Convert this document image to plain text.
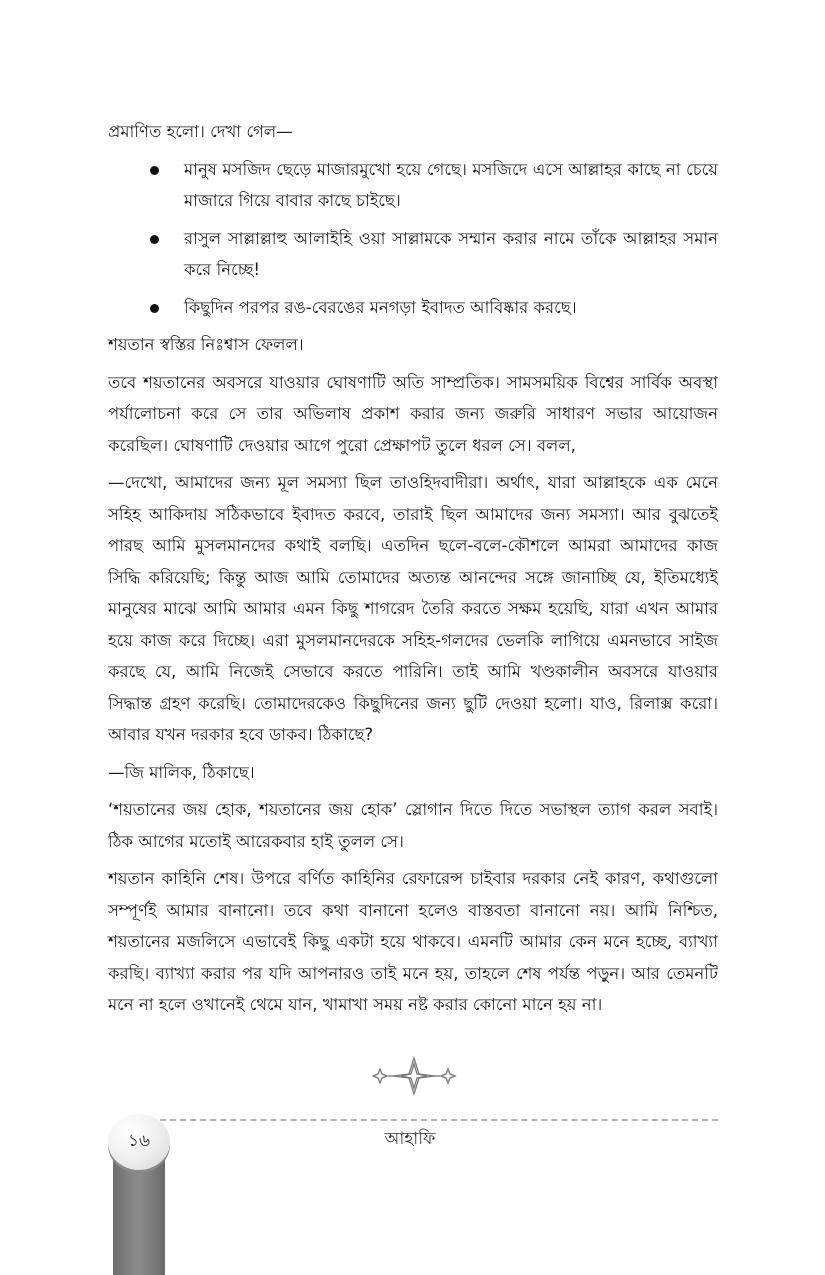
প্রমাণিত হলো। দেখা গেল—

মানুষ মসজিদ ছেড়ে মাজারমুখো হয়ে গেছে। মসজিদে এসে আল্লাহর কাছে না চেয়ে মাজারে গিয়ে বাবার কাছে চাইছে।
রাসুল সাল্লাল্লাহু আলাইহি ওয়া সাল্লামকে সম্মান করার নামে তাঁকে আল্লাহর সমান করে নিচ্ছে!
কিছুদিন পরপর রঙ-বেরঙের মনগড়া ইবাদত আবিষ্কার করছে।

শয়তান স্বস্তির নিঃশ্বাস ফেলল।

তবে শয়তানের অবসরে যাওয়ার ঘোষণাটি অতি সাম্প্রতিক। সামসময়িক বিশ্বের সার্বিক অবস্থা পর্যালোচনা করে সে তার অভিলাষ প্রকাশ করার জন্য জরুরি সাধারণ সভার আয়োজন করেছিল। ঘোষণাটি দেওয়ার আগে পুরো প্রেক্ষাপট তুলে ধরল সে। বলল,

—দেখো, আমাদের জন্য মূল সমস্যা ছিল তাওহিদবাদীরা। অর্থাৎ, যারা আল্লাহকে এক মেনে সহিহ আকিদায় সঠিকভাবে ইবাদত করবে, তারাই ছিল আমাদের জন্য সমস্যা। আর বুঝতেই পারছ আমি মুসলমানদের কথাই বলছি। এতদিন ছলে-বলে-কৌশলে আমরা আমাদের কাজ সিদ্ধি করিয়েছি; কিন্তু আজ আমি তোমাদের অত্যন্ত আনন্দের সঙ্গে জানাচ্ছি যে, ইতিমধ্যেই মানুষের মাঝে আমি আমার এমন কিছু শাগরেদ তৈরি করতে সক্ষম হয়েছি, যারা এখন আমার হয়ে কাজ করে দিচ্ছে। এরা মুসলমানদেরকে সহিহ-গলদের ভেলকি লাগিয়ে এমনভাবে সাইজ করছে যে, আমি নিজেই সেভাবে করতে পারিনি। তাই আমি খণ্ডকালীন অবসরে যাওয়ার সিদ্ধান্ত গ্রহণ করেছি। তোমাদেরকেও কিছুদিনের জন্য ছুটি দেওয়া হলো। যাও, রিলাক্স করো। আবার যখন দরকার হবে ডাকব। ঠিকাছে?

—জি মালিক, ঠিকাছে।

‘শয়তানের জয় হোক, শয়তানের জয় হোক’ স্লোগান দিতে দিতে সভাস্থল ত্যাগ করল সবাই। ঠিক আগের মতোই আরেকবার হাই তুলল সে।

শয়তান কাহিনি শেষ। উপরে বর্ণিত কাহিনির রেফারেন্স চাইবার দরকার নেই কারণ, কথাগুলো সম্পূর্ণই আমার বানানো। তবে কথা বানানো হলেও বাস্তবতা বানানো নয়। আমি নিশ্চিত, শয়তানের মজলিসে এভাবেই কিছু একটা হয়ে থাকবে। এমনটি আমার কেন মনে হচ্ছে, ব্যাখ্যা করছি। ব্যাখ্যা করার পর যদি আপনারও তাই মনে হয়, তাহলে শেষ পর্যন্ত পড়ুন। আর তেমনটি মনে না হলে ওখানেই থেমে যান, খামাখা সময় নষ্ট করার কোনো মানে হয় না।

১৬	আহাফি
